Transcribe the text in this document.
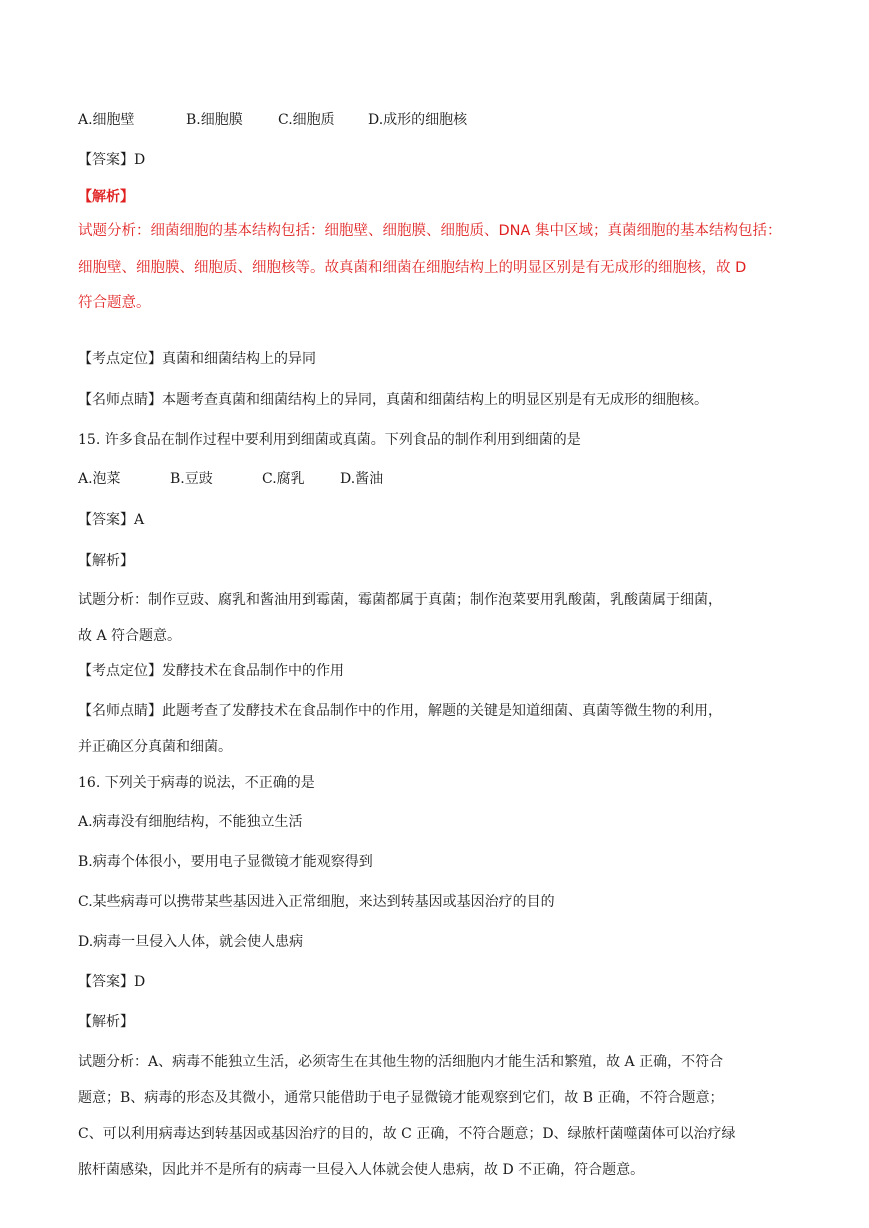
A.细胞壁	B.细胞膜	C.细胞质 D.成形的细胞核
【答案】D
【解析】
试题分析：细菌细胞的基本结构包括：细胞壁、细胞膜、细胞质、DNA 集中区域；真菌细胞的基本结构包括：
细胞壁、细胞膜、细胞质、细胞核等。故真菌和细菌在细胞结构上的明显区别是有无成形的细胞核，故 D
符合题意。
【考点定位】真菌和细菌结构上的异同
【名师点睛】本题考查真菌和细菌结构上的异同，真菌和细菌结构上的明显区别是有无成形的细胞核。
15. 许多食品在制作过程中要利用到细菌或真菌。下列食品的制作利用到细菌的是
A.泡菜	B.豆豉	C.腐乳	D.酱油
【答案】A
【解析】
试题分析：制作豆豉、腐乳和酱油用到霉菌，霉菌都属于真菌；制作泡菜要用乳酸菌，乳酸菌属于细菌，
故 A 符合题意。
【考点定位】发酵技术在食品制作中的作用
【名师点睛】此题考查了发酵技术在食品制作中的作用，解题的关键是知道细菌、真菌等微生物的利用，
并正确区分真菌和细菌。
16. 下列关于病毒的说法，不正确的是
A.病毒没有细胞结构，不能独立生活
B.病毒个体很小，要用电子显微镜才能观察得到
C.某些病毒可以携带某些基因进入正常细胞，来达到转基因或基因治疗的目的
D.病毒一旦侵入人体，就会使人患病
【答案】D
【解析】
试题分析：A、病毒不能独立生活，必须寄生在其他生物的活细胞内才能生活和繁殖，故 A 正确，不符合
题意；B、病毒的形态及其微小，通常只能借助于电子显微镜才能观察到它们，故 B 正确，不符合题意；
C、可以利用病毒达到转基因或基因治疗的目的，故 C 正确，不符合题意；D、绿脓杆菌噬菌体可以治疗绿
脓杆菌感染，因此并不是所有的病毒一旦侵入人体就会使人患病，故 D 不正确，符合题意。
